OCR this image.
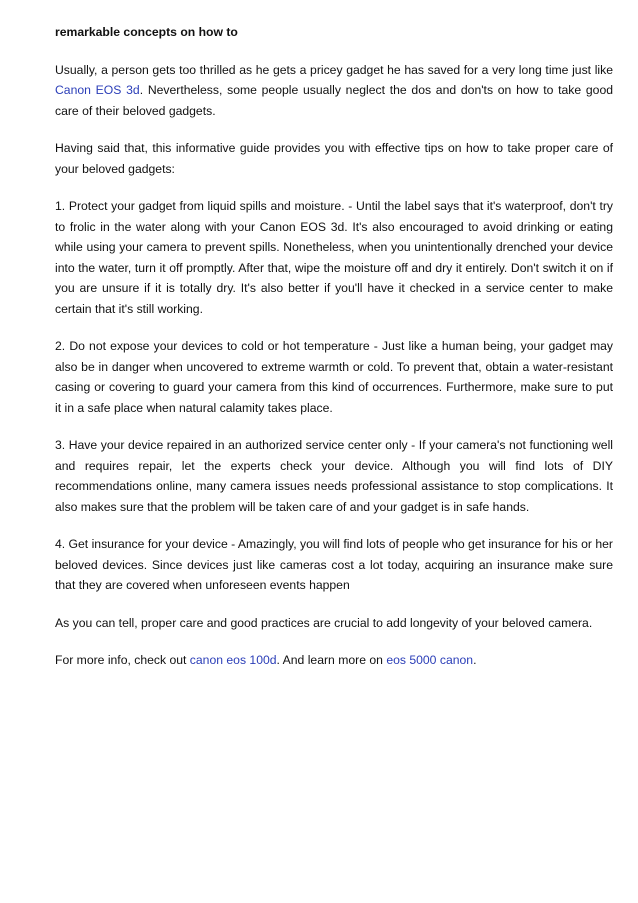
remarkable concepts on how to

Usually, a person gets too thrilled as he gets a pricey gadget he has saved for a very long time just like Canon EOS 3d. Nevertheless, some people usually neglect the dos and don'ts on how to take good care of their beloved gadgets.

Having said that, this informative guide provides you with effective tips on how to take proper care of your beloved gadgets:

1. Protect your gadget from liquid spills and moisture. - Until the label says that it's waterproof, don't try to frolic in the water along with your Canon EOS 3d. It's also encouraged to avoid drinking or eating while using your camera to prevent spills. Nonetheless, when you unintentionally drenched your device into the water, turn it off promptly. After that, wipe the moisture off and dry it entirely. Don't switch it on if you are unsure if it is totally dry. It's also better if you'll have it checked in a service center to make certain that it's still working.

2. Do not expose your devices to cold or hot temperature - Just like a human being, your gadget may also be in danger when uncovered to extreme warmth or cold. To prevent that, obtain a water-resistant casing or covering to guard your camera from this kind of occurrences. Furthermore, make sure to put it in a safe place when natural calamity takes place.

3. Have your device repaired in an authorized service center only - If your camera's not functioning well and requires repair, let the experts check your device. Although you will find lots of DIY recommendations online, many camera issues needs professional assistance to stop complications. It also makes sure that the problem will be taken care of and your gadget is in safe hands.

4. Get insurance for your device - Amazingly, you will find lots of people who get insurance for his or her beloved devices. Since devices just like cameras cost a lot today, acquiring an insurance make sure that they are covered when unforeseen events happen

As you can tell, proper care and good practices are crucial to add longevity of your beloved camera.

For more info, check out canon eos 100d. And learn more on eos 5000 canon.
